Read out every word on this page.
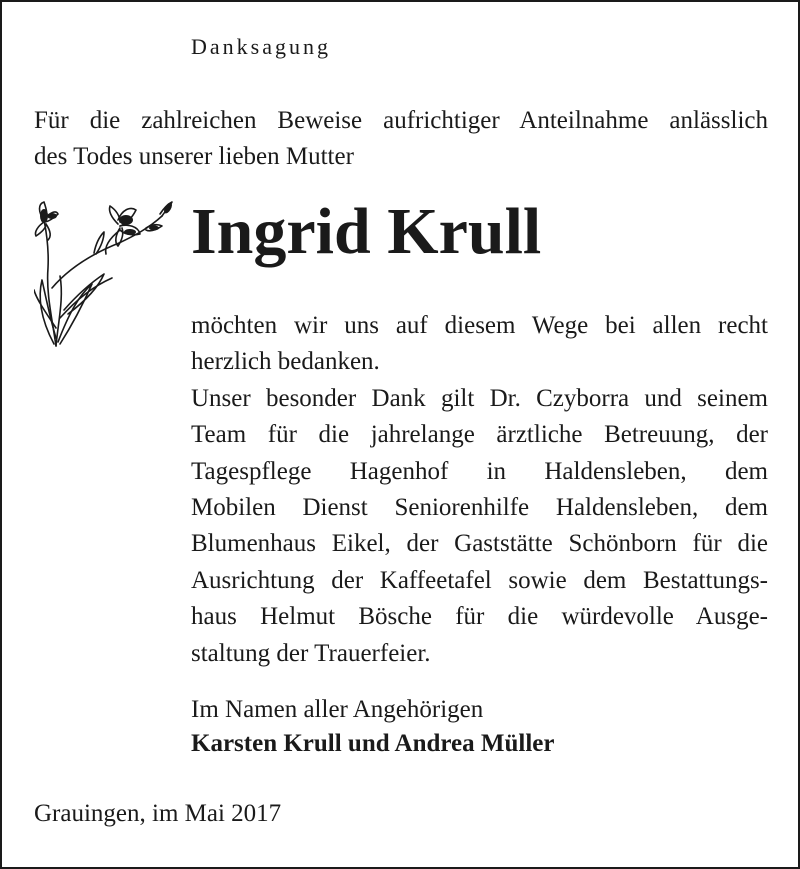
Danksagung

Für die zahlreichen Beweise aufrichtiger Anteilnahme anlässlich
des Todes unserer lieben Mutter

Ingrid Krull

möchten wir uns auf diesem Wege bei allen recht
herzlich bedanken.
Unser besonder Dank gilt Dr. Czyborra und seinem
Team für die jahrelange ärztliche Betreuung, der
Tagespflege Hagenhof in Haldensleben, dem
Mobilen Dienst Seniorenhilfe Haldensleben, dem
Blumenhaus Eikel, der Gaststätte Schönborn für die
Ausrichtung der Kaffeetafel sowie dem Bestattungs-
haus Helmut Bösche für die würdevolle Ausge-
staltung der Trauerfeier.

Im Namen aller Angehörigen

Karsten Krull und Andrea Müller

Grauingen, im Mai 2017
